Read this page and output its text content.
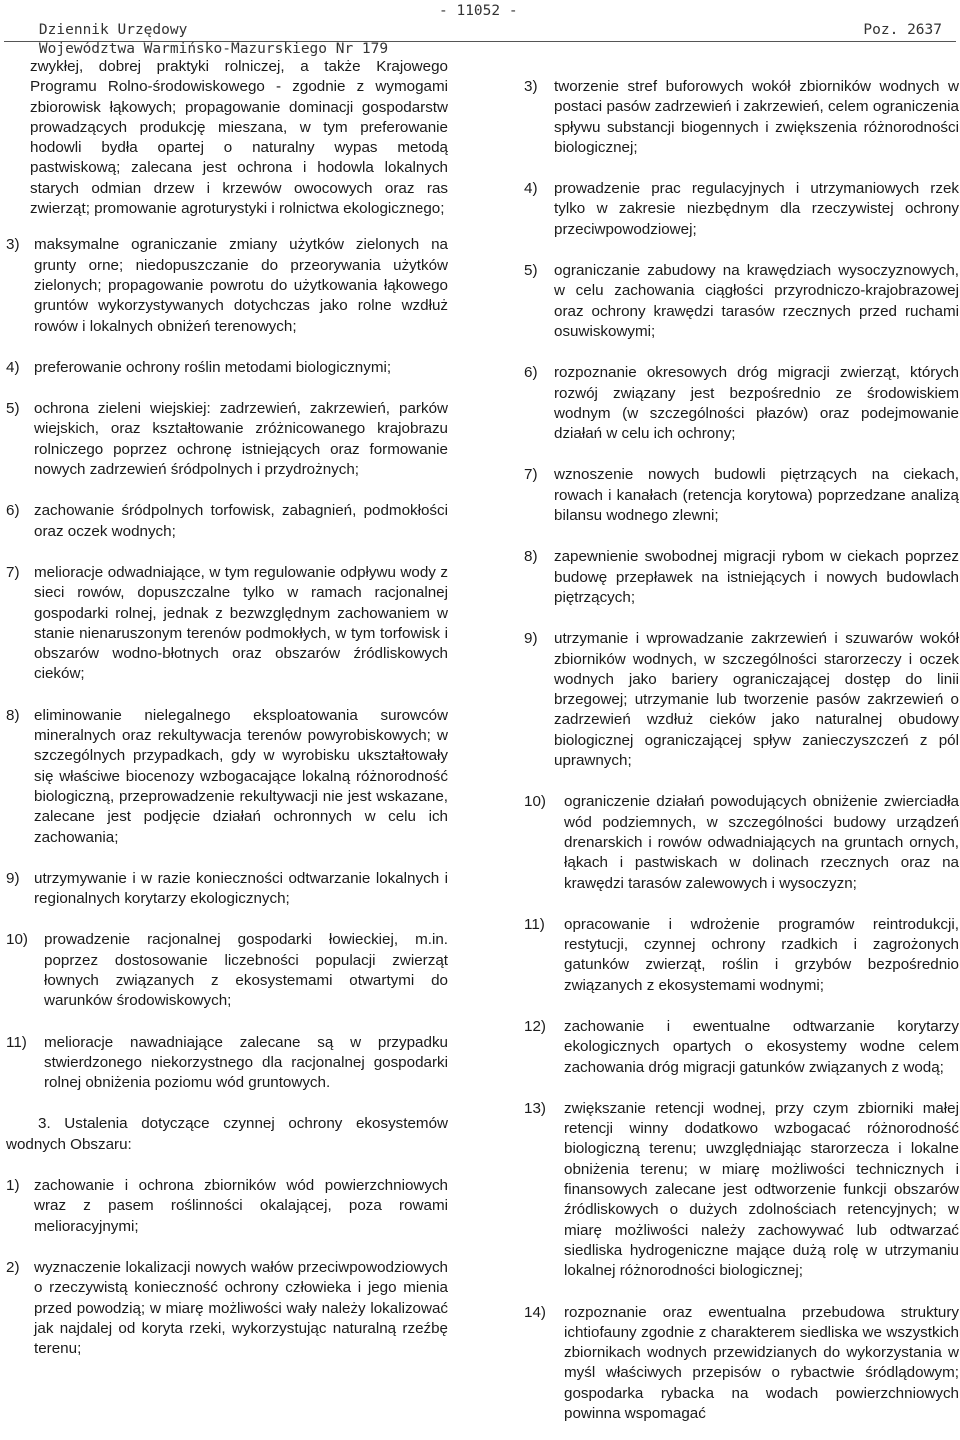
Dziennik Urzędowy

- 11052 -

Województwa Warmińsko-Mazurskiego Nr 179

Poz. 2637

zwykłej, dobrej praktyki rolniczej, a także Krajowego Programu Rolno-środowiskowego - zgodnie z wymogami zbiorowisk łąkowych; propagowanie dominacji gospodarstw prowadzących produkcję mieszana, w tym preferowanie hodowli bydła opartej o naturalny wypas metodą pastwiskową; zalecana jest ochrona i hodowla lokalnych starych odmian drzew i krzewów owocowych oraz ras zwierząt; promowanie agroturystyki i rolnictwa ekologicznego;

3) maksymalne ograniczanie zmiany użytków zielonych na grunty orne; niedopuszczanie do przeorywania użytków zielonych; propagowanie powrotu do użytkowania łąkowego gruntów wykorzystywanych dotychczas jako rolne wzdłuż rowów i lokalnych obniżeń terenowych;
4) preferowanie ochrony roślin metodami biologicznymi;
5) ochrona zieleni wiejskiej: zadrzewień, zakrzewień, parków wiejskich, oraz kształtowanie zróżnicowanego krajobrazu rolniczego poprzez ochronę istniejących oraz formowanie nowych zadrzewień śródpolnych i przydrożnych;
6) zachowanie śródpolnych torfowisk, zabagnień, podmokłości oraz oczek wodnych;
7) melioracje odwadniające, w tym regulowanie odpływu wody z sieci rowów, dopuszczalne tylko w ramach racjonalnej gospodarki rolnej, jednak z bezwzględnym zachowaniem w stanie nienaruszonym terenów podmokłych, w tym torfowisk i obszarów wodno-błotnych oraz obszarów źródliskowych cieków;
8) eliminowanie nielegalnego eksploatowania surowców mineralnych oraz rekultywacja terenów powyrobiskowych; w szczególnych przypadkach, gdy w wyrobisku ukształtowały się właściwe biocenozy wzbogacające lokalną różnorodność biologiczną, przeprowadzenie rekultywacji nie jest wskazane, zalecane jest podjęcie działań ochronnych w celu ich zachowania;
9) utrzymywanie i w razie konieczności odtwarzanie lokalnych i regionalnych korytarzy ekologicznych;
10)	prowadzenie racjonalnej gospodarki łowieckiej, m.in. poprzez dostosowanie liczebności populacji zwierząt łownych związanych z ekosystemami otwartymi do warunków środowiskowych;
11)	melioracje nawadniające zalecane są w przypadku stwierdzonego niekorzystnego dla racjonalnej gospodarki rolnej obniżenia poziomu wód gruntowych.

3. Ustalenia dotyczące czynnej ochrony ekosystemów wodnych Obszaru:

1) zachowanie i ochrona zbiorników wód powierzchniowych wraz z pasem roślinności okalającej, poza rowami melioracyjnymi;
2) wyznaczenie lokalizacji nowych wałów przeciwpowodziowych o rzeczywistą konieczność ochrony człowieka i jego mienia przed powodzią; w miarę możliwości wały należy lokalizować jak najdalej od koryta rzeki, wykorzystując naturalną rzeźbę terenu;
3)	tworzenie stref buforowych wokół zbiorników wodnych w postaci pasów zadrzewień i zakrzewień, celem ograniczenia spływu substancji biogennych i zwiększenia różnorodności biologicznej;
4)	prowadzenie prac regulacyjnych i utrzymaniowych rzek tylko w zakresie niezbędnym dla rzeczywistej ochrony przeciwpowodziowej;
5)	ograniczanie zabudowy na krawędziach wysoczyznowych, w celu zachowania ciągłości przyrodniczo-krajobrazowej oraz ochrony krawędzi tarasów rzecznych przed ruchami osuwiskowymi;
6)	rozpoznanie okresowych dróg migracji zwierząt, których rozwój związany jest bezpośrednio ze środowiskiem wodnym (w szczególności płazów) oraz podejmowanie działań w celu ich ochrony;
7)	wznoszenie nowych budowli piętrzących na ciekach, rowach i kanałach (retencja korytowa) poprzedzane analizą bilansu wodnego zlewni;
8)	zapewnienie swobodnej migracji rybom w ciekach poprzez budowę przepławek na istniejących i nowych budowlach piętrzących;
9)	utrzymanie i wprowadzanie zakrzewień i szuwarów wokół zbiorników wodnych, w szczególności starorzeczy i oczek wodnych jako bariery ograniczającej dostęp do linii brzegowej; utrzymanie lub tworzenie pasów zakrzewień o zadrzewień wzdłuż cieków jako naturalnej obudowy biologicznej ograniczającej spływ zanieczyszczeń z pól uprawnych;
10)	ograniczenie działań powodujących obniżenie zwierciadła wód podziemnych, w szczególności budowy urządzeń drenarskich i rowów odwadniających na gruntach ornych, łąkach i pastwiskach w dolinach rzecznych oraz na krawędzi tarasów zalewowych i wysoczyzn;
11)	opracowanie i wdrożenie programów reintrodukcji, restytucji, czynnej ochrony rzadkich i zagrożonych gatunków zwierząt, roślin i grzybów bezpośrednio związanych z ekosystemami wodnymi;
12)	zachowanie i ewentualne odtwarzanie korytarzy ekologicznych opartych o ekosystemy wodne celem zachowania dróg migracji gatunków związanych z wodą;
13)	zwiększanie retencji wodnej, przy czym zbiorniki małej retencji winny dodatkowo wzbogacać różnorodność biologiczną terenu; uwzględniając starorzecza i lokalne obniżenia terenu; w miarę możliwości technicznych i finansowych zalecane jest odtworzenie funkcji obszarów źródliskowych o dużych zdolnościach retencyjnych; w miarę możliwości należy zachowywać lub odtwarzać siedliska hydrogeniczne mające dużą rolę w utrzymaniu lokalnej różnorodności biologicznej;
14)	rozpoznanie oraz ewentualna przebudowa struktury ichtiofauny zgodnie z charakterem siedliska we wszystkich zbiornikach wodnych przewidzianych do wykorzystania w myśl właściwych przepisów o rybactwie śródlądowym; gospodarka rybacka na wodach powierzchniowych powinna wspomagać
